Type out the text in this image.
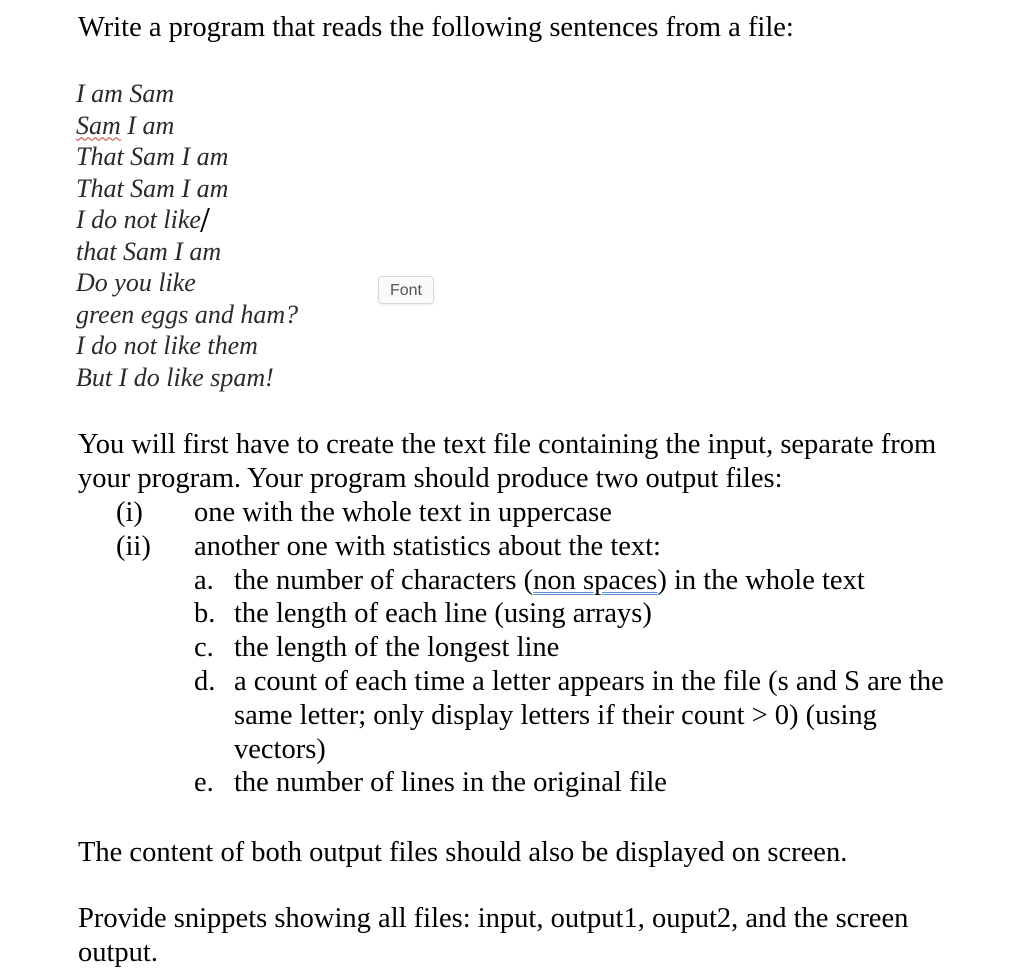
Write a program that reads the following sentences from a file:
I am Sam
Sam I am
That Sam I am
That Sam I am
I do not like
that Sam I am
Do you like
green eggs and ham?
I do not like them
But I do like spam!
Font
You will first have to create the text file containing the input, separate from
your program. Your program should produce two output files:
(i) one with the whole text in uppercase
(ii) another one with statistics about the text:
a. the number of characters (non spaces) in the whole text
b. the length of each line (using arrays)
c. the length of the longest line
d. a count of each time a letter appears in the file (s and S are the
same letter; only display letters if their count > 0) (using
vectors)
e. the number of lines in the original file
The content of both output files should also be displayed on screen.
Provide snippets showing all files: input, output1, ouput2, and the screen
output.
